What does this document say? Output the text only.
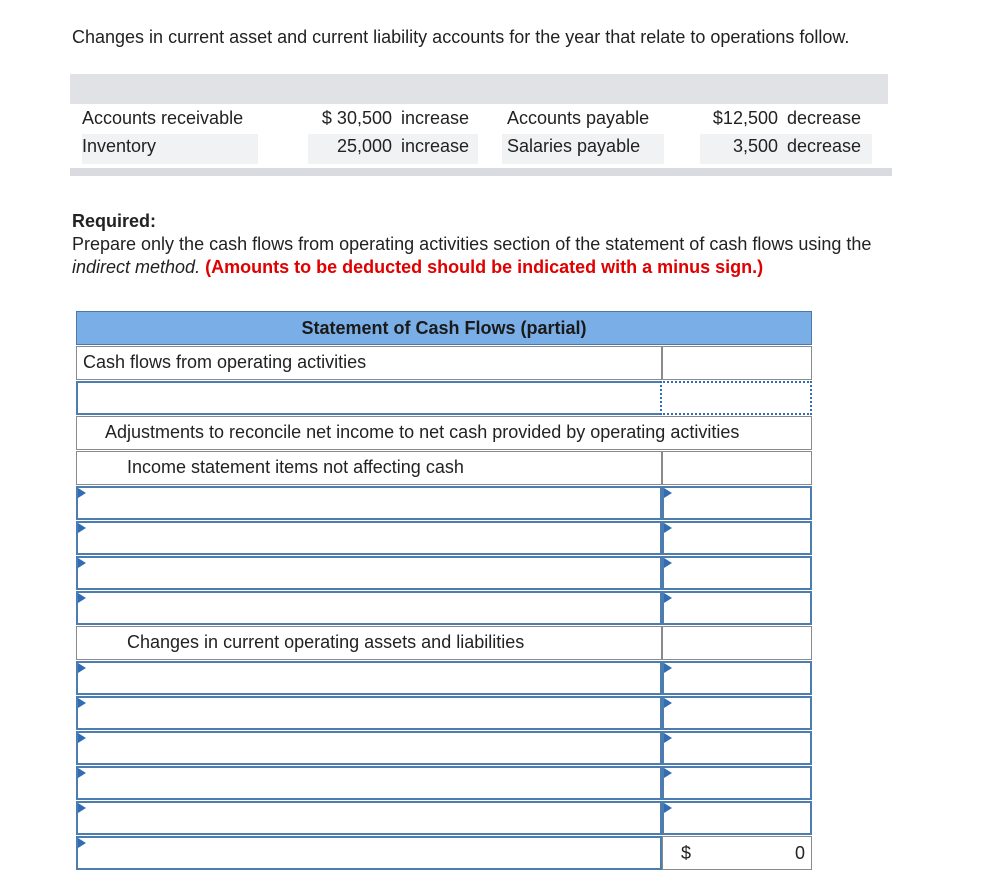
Changes in current asset and current liability accounts for the year that relate to operations follow.
Accounts receivable	$ 30,500 increase Accounts payable	$12,500 decrease
Inventory	25,000 increase Salaries payable	3,500 decrease
Required:
Prepare only the cash flows from operating activities section of the statement of cash flows using the
indirect method. (Amounts to be deducted should be indicated with a minus sign.)
Statement of Cash Flows (partial)
Cash flows from operating activities
Adjustments to reconcile net income to net cash provided by operating activities
Income statement items not affecting cash
Changes in current operating assets and liabilities
$	0
